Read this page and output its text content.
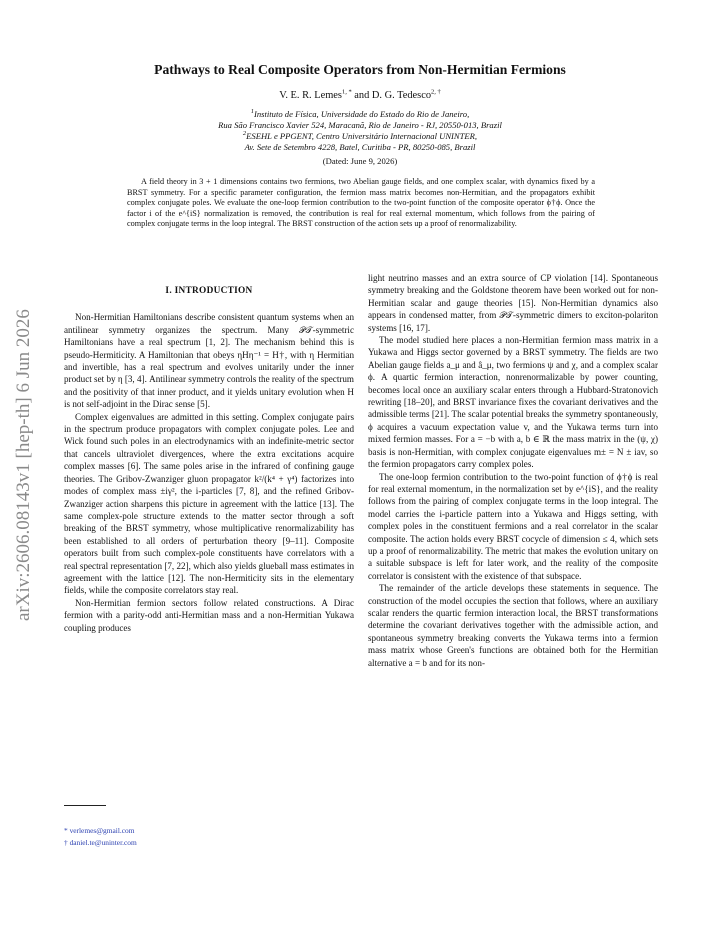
Pathways to Real Composite Operators from Non-Hermitian Fermions
V. E. R. Lemes$^{1, *}$ and D. G. Tedesco$^{2, \dagger}$
$^1$Instituto de Física, Universidade do Estado do Rio de Janeiro,
Rua São Francisco Xavier 524, Maracanã, Rio de Janeiro - RJ, 20550-013, Brazil
$^2$ESEHL e PPGENT, Centro Universitário Internacional UNINTER,
Av. Sete de Setembro 4228, Batel, Curitiba - PR, 80250-085, Brazil
(Dated: June 9, 2026)

A field theory in 3 + 1 dimensions contains two fermions, two Abelian gauge fields, and one complex scalar, with dynamics fixed by a BRST symmetry. For a specific parameter configuration, the fermion mass matrix becomes non-Hermitian, and the propagators exhibit complex conjugate poles. We evaluate the one-loop fermion contribution to the two-point function of the composite operator ϕ†ϕ. Once the factor i of the e^{iS} normalization is removed, the contribution is real for real external momentum, which follows from the pairing of complex conjugate terms in the loop integral. The BRST construction of the action sets up a proof of renormalizability.

arXiv:2606.08143v1 [hep-th] 6 Jun 2026
I. INTRODUCTION

Non-Hermitian Hamiltonians describe consistent quantum systems when an antilinear symmetry organizes the spectrum. Many 𝒫𝒯-symmetric Hamiltonians have a real spectrum [1, 2]. The mechanism behind this is pseudo-Hermiticity. A Hamiltonian that obeys ηHη⁻¹ = H†, with η Hermitian and invertible, has a real spectrum and evolves unitarily under the inner product set by η [3, 4]. Antilinear symmetry controls the reality of the spectrum and the positivity of that inner product, and it yields unitary evolution when H is not self-adjoint in the Dirac sense [5].

Complex eigenvalues are admitted in this setting. Complex conjugate pairs in the spectrum produce propagators with complex conjugate poles. Lee and Wick found such poles in an electrodynamics with an indefinite-metric sector that cancels ultraviolet divergences, where the extra excitations acquire complex masses [6]. The same poles arise in the infrared of confining gauge theories. The Gribov-Zwanziger gluon propagator k²/(k⁴ + γ⁴) factorizes into modes of complex mass ±iγ², the i-particles [7, 8], and the refined Gribov-Zwanziger action sharpens this picture in agreement with the lattice [13]. The same complex-pole structure extends to the matter sector through a soft breaking of the BRST symmetry, whose multiplicative renormalizability has been established to all orders of perturbation theory [9–11]. Composite operators built from such complex-pole constituents have correlators with a real spectral representation [7, 22], which also yields glueball mass estimates in agreement with the lattice [12]. The non-Hermiticity sits in the elementary fields, while the composite correlators stay real.

Non-Hermitian fermion sectors follow related constructions. A Dirac fermion with a parity-odd anti-Hermitian mass and a non-Hermitian Yukawa coupling produces

light neutrino masses and an extra source of CP violation [14]. Spontaneous symmetry breaking and the Goldstone theorem have been worked out for non-Hermitian scalar and gauge theories [15]. Non-Hermitian dynamics also appears in condensed matter, from 𝒫𝒯-symmetric dimers to exciton-polariton systems [16, 17].

The model studied here places a non-Hermitian fermion mass matrix in a Yukawa and Higgs sector governed by a BRST symmetry. The fields are two Abelian gauge fields a_μ and â_μ, two fermions ψ and χ, and a complex scalar ϕ. A quartic fermion interaction, nonrenormalizable by power counting, becomes local once an auxiliary scalar enters through a Hubbard-Stratonovich rewriting [18–20], and BRST invariance fixes the covariant derivatives and the admissible terms [21]. The scalar potential breaks the symmetry spontaneously, ϕ acquires a vacuum expectation value v, and the Yukawa terms turn into mixed fermion masses. For a = −b with a, b ∈ ℝ the mass matrix in the (ψ, χ) basis is non-Hermitian, with complex conjugate eigenvalues m± = N ± iav, so the fermion propagators carry complex poles.

The one-loop fermion contribution to the two-point function of ϕ†ϕ is real for real external momentum, in the normalization set by e^{iS}, and the reality follows from the pairing of complex conjugate terms in the loop integral. The model carries the i-particle pattern into a Yukawa and Higgs setting, with complex poles in the constituent fermions and a real correlator in the scalar composite. The action holds every BRST cocycle of dimension ≤ 4, which sets up a proof of renormalizability. The metric that makes the evolution unitary on a suitable subspace is left for later work, and the reality of the composite correlator is consistent with the existence of that subspace.

The remainder of the article develops these statements in sequence. The construction of the model occupies the section that follows, where an auxiliary scalar renders the quartic fermion interaction local, the BRST transformations determine the covariant derivatives together with the admissible action, and spontaneous symmetry breaking converts the Yukawa terms into a fermion mass matrix whose Green's functions are obtained both for the Hermitian alternative a = b and for its non-

* verlemes@gmail.com
† daniel.te@uninter.com
